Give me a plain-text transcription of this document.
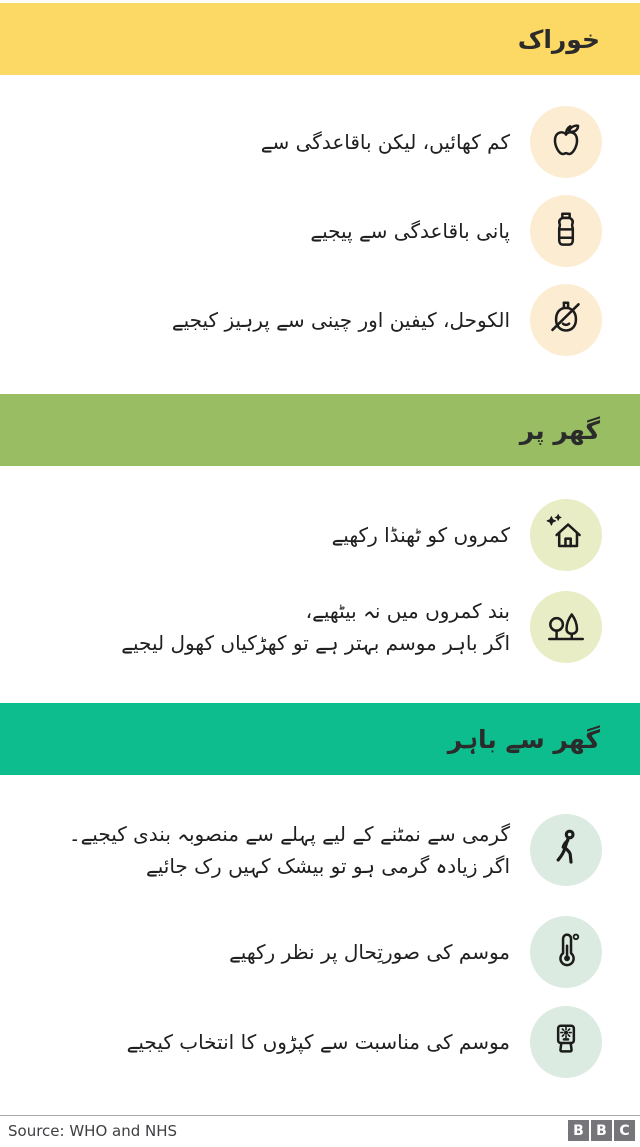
خوراک
کم کھائیں، لیکن باقاعدگی سے
پانی باقاعدگی سے پیجیے
الکوحل، کیفین اور چینی سے پرہیز کیجیے
گھر پر
کمروں کو ٹھنڈا رکھیے
بند کمروں میں نہ بیٹھیے،
اگر باہر موسم بہتر ہے تو کھڑکیاں کھول لیجیے
گھر سے باہر
گرمی سے نمٹنے کے لیے پہلے سے منصوبہ بندی کیجیے۔
اگر زیادہ گرمی ہو تو بیشک کہیں رک جائیے
موسم کی صورتِحال پر نظر رکھیے
موسم کی مناسبت سے کپڑوں کا انتخاب کیجیے
Source: WHO and NHS	B B C
